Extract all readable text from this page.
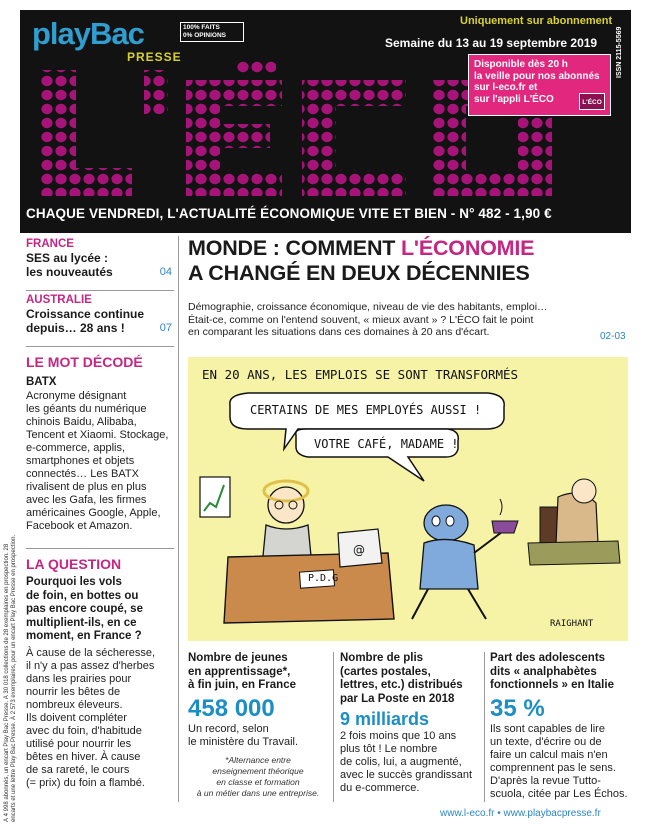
playBac
PRESSE
100% FAITS
0% OPINIONS
Uniquement sur abonnement
Semaine du 13 au 19 septembre 2019	ISSN 2115-5569
L'ÉCO
Disponible dès 20 h
la veille pour nos abonnés
sur l-eco.fr et
sur l'appli L'ÉCO	L'ÉCO
CHAQUE VENDREDI, L'ACTUALITÉ ÉCONOMIQUE VITE ET BIEN - N° 482 - 1,90 €
FRANCE
SES au lycée :
les nouveautés	04
AUSTRALIE
Croissance continue
depuis… 28 ans !	07
LE MOT DÉCODÉ
BATX
Acronyme désignant
les géants du numérique
chinois Baidu, Alibaba,
Tencent et Xiaomi. Stockage,
e-commerce, applis,
smartphones et objets
connectés… Les BATX
rivalisent de plus en plus
avec les Gafa, les firmes
américaines Google, Apple,
Facebook et Amazon.
LA QUESTION
Pourquoi les vols
de foin, en bottes ou
pas encore coupé, se
multiplient-ils, en ce
moment, en France ?
À cause de la sécheresse,
il n'y a pas assez d'herbes
dans les prairies pour
nourrir les bêtes de
nombreux éleveurs.
Ils doivent compléter
avec du foin, d'habitude
utilisé pour nourrir les
bêtes en hiver. À cause
de sa rareté, le cours
(= prix) du foin a flambé.
À 4 998 abonnés, un encart Play Bac Presse. À 30 018 collections de 28 exemplaires en prospection. 28 encarts et une lettre Play Bac Presse. À 2 573 exemplaires, pour un encart Play Bac Presse en prospection.
MONDE : COMMENT L'ÉCONOMIE
A CHANGÉ EN DEUX DÉCENNIES
Démographie, croissance économique, niveau de vie des habitants, emploi…
Était-ce, comme on l'entend souvent, « mieux avant » ? L'ÉCO fait le point
en comparant les situations dans ces domaines à 20 ans d'écart.	02-03
@
EN 20 ANS, LES EMPLOIS SE SONT TRANSFORMÉS
CERTAINS DE MES EMPLOYÉS AUSSI !
VOTRE CAFÉ, MADAME !
P.D.G
RAIGHANT
Nombre de jeunes
en apprentissage*,
à fin juin, en France
458 000
Un record, selon
le ministère du Travail.
*Alternance entre
enseignement théorique
en classe et formation
à un métier dans une entreprise.
Nombre de plis
(cartes postales,
lettres, etc.) distribués
par La Poste en 2018
9 milliards
2 fois moins que 10 ans
plus tôt ! Le nombre
de colis, lui, a augmenté,
avec le succès grandissant
du e-commerce.
Part des adolescents
dits « analphabètes
fonctionnels » en Italie
35 %
Ils sont capables de lire
un texte, d'écrire ou de
faire un calcul mais n'en
comprennent pas le sens.
D'après la revue Tutto-
scuola, citée par Les Échos.
www.l-eco.fr • www.playbacpresse.fr
